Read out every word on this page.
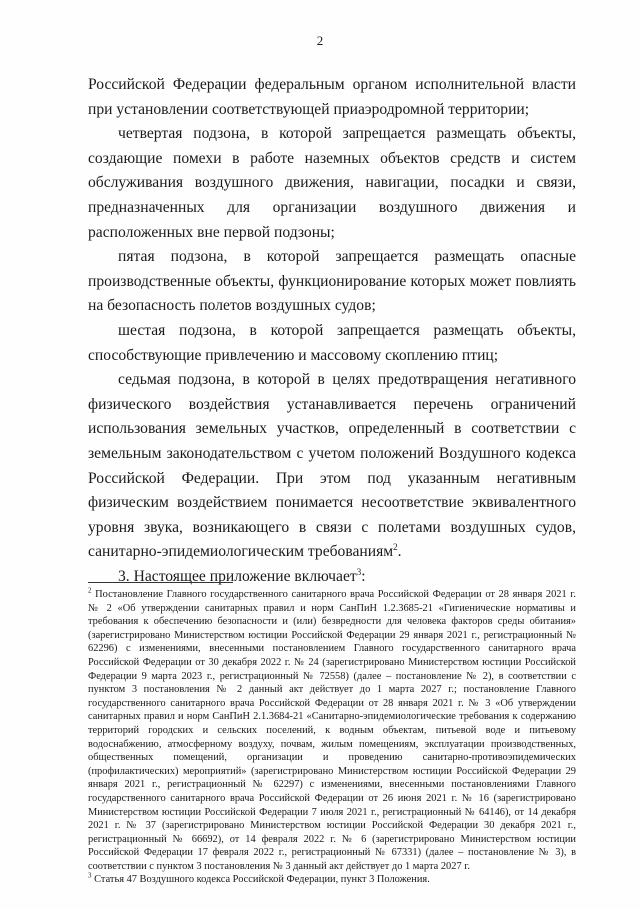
2

Российской Федерации федеральным органом исполнительной власти при установлении соответствующей приаэродромной территории;

четвертая подзона, в которой запрещается размещать объекты, создающие помехи в работе наземных объектов средств и систем обслуживания воздушного движения, навигации, посадки и связи, предназначенных для организации воздушного движения и расположенных вне первой подзоны;

пятая подзона, в которой запрещается размещать опасные производственные объекты, функционирование которых может повлиять на безопасность полетов воздушных судов;

шестая подзона, в которой запрещается размещать объекты, способствующие привлечению и массовому скоплению птиц;

седьмая подзона, в которой в целях предотвращения негативного физического воздействия устанавливается перечень ограничений использования земельных участков, определенный в соответствии с земельным законодательством с учетом положений Воздушного кодекса Российской Федерации. При этом под указанным негативным физическим воздействием понимается несоответствие эквивалентного уровня звука, возникающего в связи с полетами воздушных судов, санитарно-эпидемиологическим требованиям$^2$.

3. Настоящее приложение включает$^3$:

$^2$ Постановление Главного государственного санитарного врача Российской Федерации от 28 января 2021 г. № 2 «Об утверждении санитарных правил и норм СанПиН 1.2.3685-21 «Гигиенические нормативы и требования к обеспечению безопасности и (или) безвредности для человека факторов среды обитания» (зарегистрировано Министерством юстиции Российской Федерации 29 января 2021 г., регистрационный № 62296) с изменениями, внесенными постановлением Главного государственного санитарного врача Российской Федерации от 30 декабря 2022 г. № 24 (зарегистрировано Министерством юстиции Российской Федерации 9 марта 2023 г., регистрационный № 72558) (далее – постановление № 2), в соответствии с пунктом 3 постановления № 2 данный акт действует до 1 марта 2027 г.; постановление Главного государственного санитарного врача Российской Федерации от 28 января 2021 г. № 3 «Об утверждении санитарных правил и норм СанПиН 2.1.3684-21 «Санитарно-эпидемиологические требования к содержанию территорий городских и сельских поселений, к водным объектам, питьевой воде и питьевому водоснабжению, атмосферному воздуху, почвам, жилым помещениям, эксплуатации производственных, общественных помещений, организации и проведению санитарно-противоэпидемических (профилактических) мероприятий» (зарегистрировано Министерством юстиции Российской Федерации 29 января 2021 г., регистрационный № 62297) с изменениями, внесенными постановлениями Главного государственного санитарного врача Российской Федерации от 26 июня 2021 г. № 16 (зарегистрировано Министерством юстиции Российской Федерации 7 июля 2021 г., регистрационный № 64146), от 14 декабря 2021 г. № 37 (зарегистрировано Министерством юстиции Российской Федерации 30 декабря 2021 г., регистрационный № 66692), от 14 февраля 2022 г. № 6 (зарегистрировано Министерством юстиции Российской Федерации 17 февраля 2022 г., регистрационный № 67331) (далее – постановление № 3), в соответствии с пунктом 3 постановления № 3 данный акт действует до 1 марта 2027 г.

$^3$ Статья 47 Воздушного кодекса Российской Федерации, пункт 3 Положения.
